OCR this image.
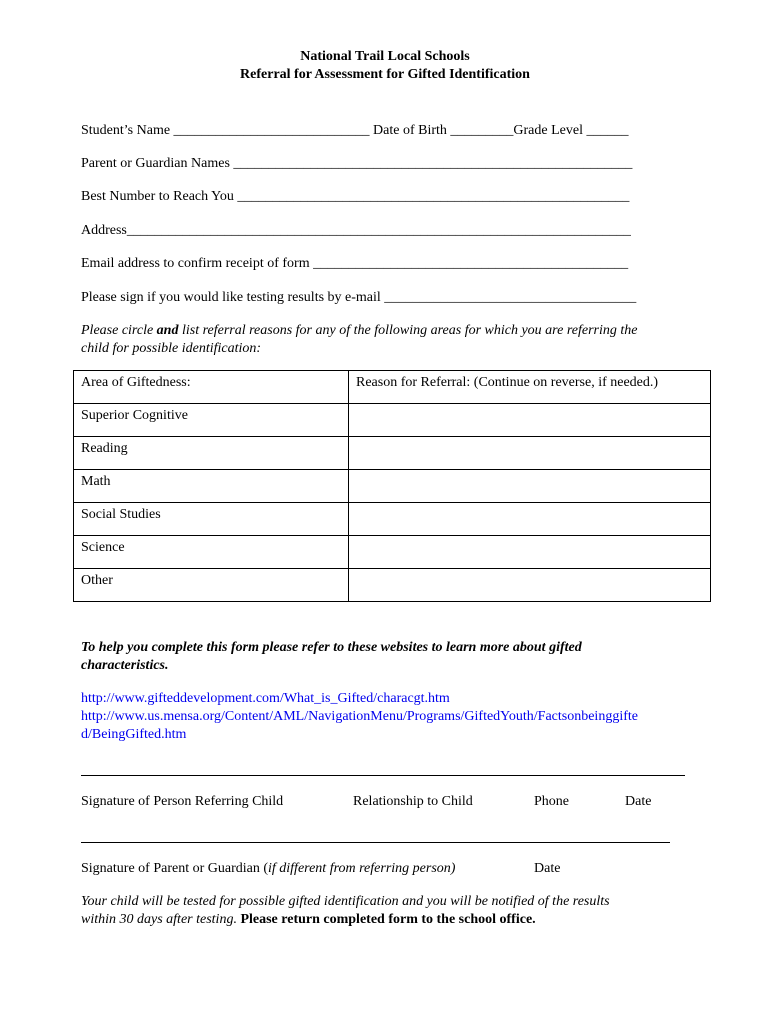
National Trail Local Schools
Referral for Assessment for Gifted Identification
Student’s Name ____________________________ Date of Birth _________Grade Level ______
Parent or Guardian Names _________________________________________________________
Best Number to Reach You ________________________________________________________
Address________________________________________________________________________
Email address to confirm receipt of form _____________________________________________
Please sign if you would like testing results by e-mail ____________________________________
Please circle and list referral reasons for any of the following areas for which you are referring the
child for possible identification:
Area of Giftedness:	Reason for Referral: (Continue on reverse, if needed.)
Superior Cognitive	
Reading	
Math	
Social Studies	
Science	
Other	
To help you complete this form please refer to these websites to learn more about gifted
characteristics.
http://www.gifteddevelopment.com/What_is_Gifted/characgt.htm
http://www.us.mensa.org/Content/AML/NavigationMenu/Programs/GiftedYouth/Factsonbeinggifte
d/BeingGifted.htm
Signature of Person Referring Child	Relationship to Child	Phone	Date
Signature of Parent or Guardian (if different from referring person)	Date
Your child will be tested for possible gifted identification and you will be notified of the results
within 30 days after testing. Please return completed form to the school office.
